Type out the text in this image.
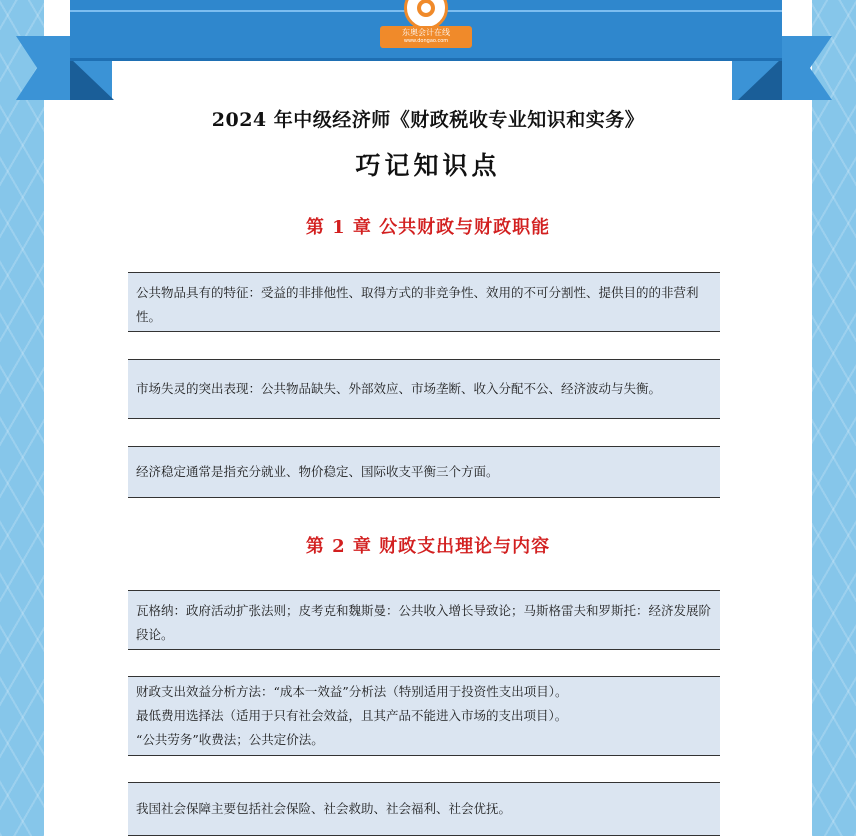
东奥会计在线
www.dongao.com
2024 年中级经济师《财政税收专业知识和实务》
巧记知识点
第 1 章 公共财政与财政职能

公共物品具有的特征：受益的非排他性、取得方式的非竞争性、效用的不可分割性、提供目的的非营利性。

市场失灵的突出表现：公共物品缺失、外部效应、市场垄断、收入分配不公、经济波动与失衡。

经济稳定通常是指充分就业、物价稳定、国际收支平衡三个方面。

第 2 章 财政支出理论与内容

瓦格纳：政府活动扩张法则；皮考克和魏斯曼：公共收入增长导致论；马斯格雷夫和罗斯托：经济发展阶段论。

财政支出效益分析方法：“成本一效益”分析法（特别适用于投资性支出项目）。

最低费用选择法（适用于只有社会效益，且其产品不能进入市场的支出项目）。

“公共劳务”收费法；公共定价法。

我国社会保障主要包括社会保险、社会救助、社会福利、社会优抚。
